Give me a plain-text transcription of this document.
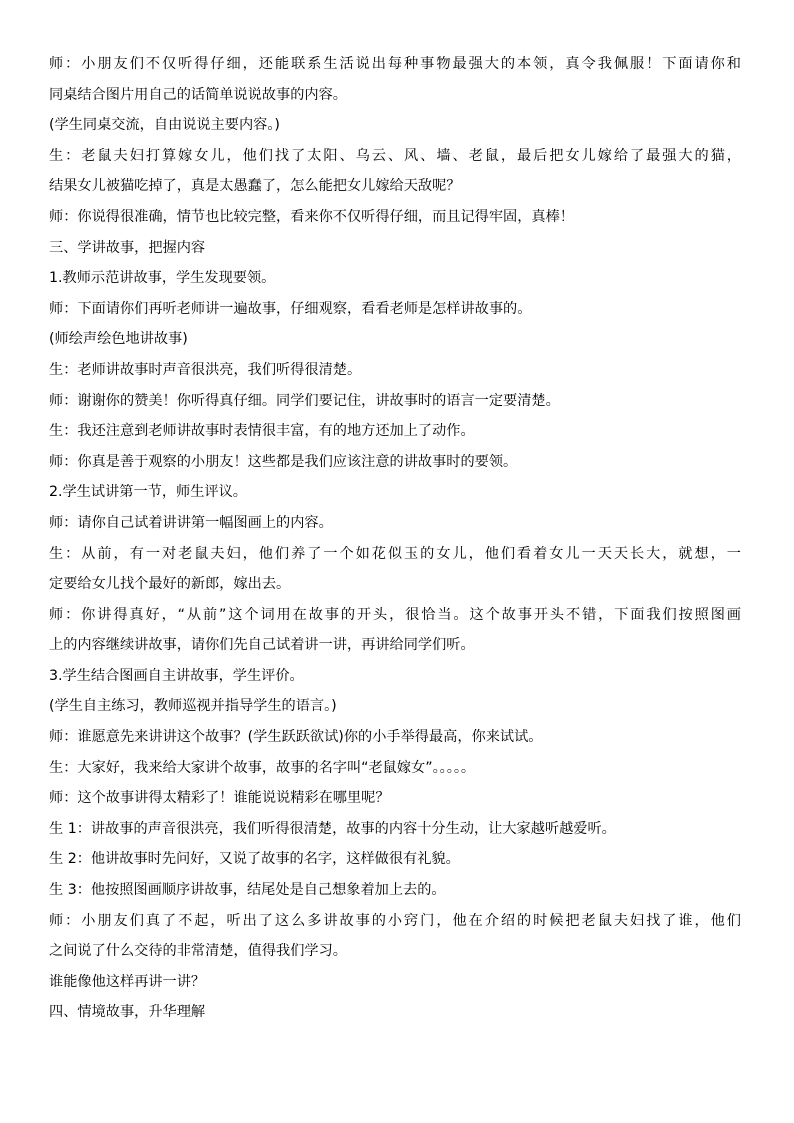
师：小朋友们不仅听得仔细，还能联系生活说出每种事物最强大的本领，真令我佩服！下面请你和
同桌结合图片用自己的话简单说说故事的内容。
(学生同桌交流，自由说说主要内容。)
生：老鼠夫妇打算嫁女儿，他们找了太阳、乌云、风、墙、老鼠，最后把女儿嫁给了最强大的猫，
结果女儿被猫吃掉了，真是太愚蠢了，怎么能把女儿嫁给天敌呢？
师：你说得很准确，情节也比较完整，看来你不仅听得仔细，而且记得牢固，真棒！
三、学讲故事，把握内容
1.教师示范讲故事，学生发现要领。
师：下面请你们再听老师讲一遍故事，仔细观察，看看老师是怎样讲故事的。
(师绘声绘色地讲故事)
生：老师讲故事时声音很洪亮，我们听得很清楚。
师：谢谢你的赞美！你听得真仔细。同学们要记住，讲故事时的语言一定要清楚。
生：我还注意到老师讲故事时表情很丰富，有的地方还加上了动作。
师：你真是善于观察的小朋友！这些都是我们应该注意的讲故事时的要领。
2.学生试讲第一节，师生评议。
师：请你自己试着讲讲第一幅图画上的内容。
生：从前，有一对老鼠夫妇，他们养了一个如花似玉的女儿，他们看着女儿一天天长大，就想，一
定要给女儿找个最好的新郎，嫁出去。
师：你讲得真好，“从前”这个词用在故事的开头，很恰当。这个故事开头不错，下面我们按照图画
上的内容继续讲故事，请你们先自己试着讲一讲，再讲给同学们听。
3.学生结合图画自主讲故事，学生评价。
(学生自主练习，教师巡视并指导学生的语言。)
师：谁愿意先来讲讲这个故事？(学生跃跃欲试)你的小手举得最高，你来试试。
生：大家好，我来给大家讲个故事，故事的名字叫“老鼠嫁女”。。。。。
师：这个故事讲得太精彩了！谁能说说精彩在哪里呢？
生 1：讲故事的声音很洪亮，我们听得很清楚，故事的内容十分生动，让大家越听越爱听。
生 2：他讲故事时先问好，又说了故事的名字，这样做很有礼貌。
生 3：他按照图画顺序讲故事，结尾处是自己想象着加上去的。
师：小朋友们真了不起，听出了这么多讲故事的小窍门，他在介绍的时候把老鼠夫妇找了谁，他们
之间说了什么交待的非常清楚，值得我们学习。
谁能像他这样再讲一讲？
四、情境故事，升华理解
